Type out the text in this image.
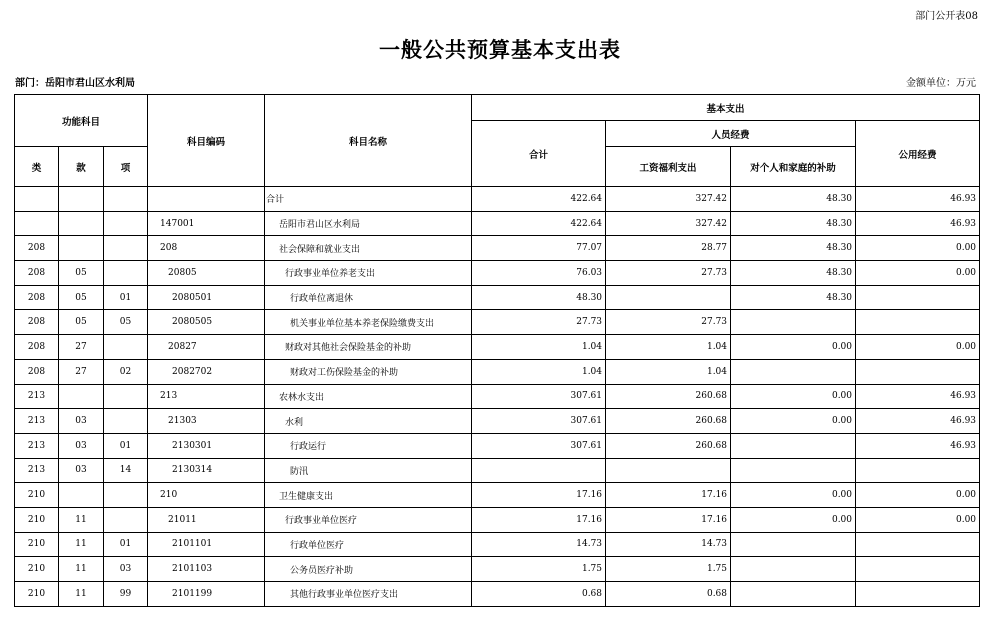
部门公开表08
一般公共预算基本支出表
部门：岳阳市君山区水利局	金额单位：万元
功能科目			科目编码	科目名称	基本支出			
					合计	人员经费		公用经费
类	款	项				工资福利支出	对个人和家庭的补助	
				合计	422.64	327.42	48.30	46.93
			147001	岳阳市君山区水利局	422.64	327.42	48.30	46.93
208			208	社会保障和就业支出	77.07	28.77	48.30	0.00
208	05		20805	行政事业单位养老支出	76.03	27.73	48.30	0.00
208	05	01	2080501	行政单位离退休	48.30		48.30	
208	05	05	2080505	机关事业单位基本养老保险缴费支出	27.73	27.73		
208	27		20827	财政对其他社会保险基金的补助	1.04	1.04	0.00	0.00
208	27	02	2082702	财政对工伤保险基金的补助	1.04	1.04		
213			213	农林水支出	307.61	260.68	0.00	46.93
213	03		21303	水利	307.61	260.68	0.00	46.93
213	03	01	2130301	行政运行	307.61	260.68		46.93
213	03	14	2130314	防汛				
210			210	卫生健康支出	17.16	17.16	0.00	0.00
210	11		21011	行政事业单位医疗	17.16	17.16	0.00	0.00
210	11	01	2101101	行政单位医疗	14.73	14.73		
210	11	03	2101103	公务员医疗补助	1.75	1.75		
210	11	99	2101199	其他行政事业单位医疗支出	0.68	0.68		
